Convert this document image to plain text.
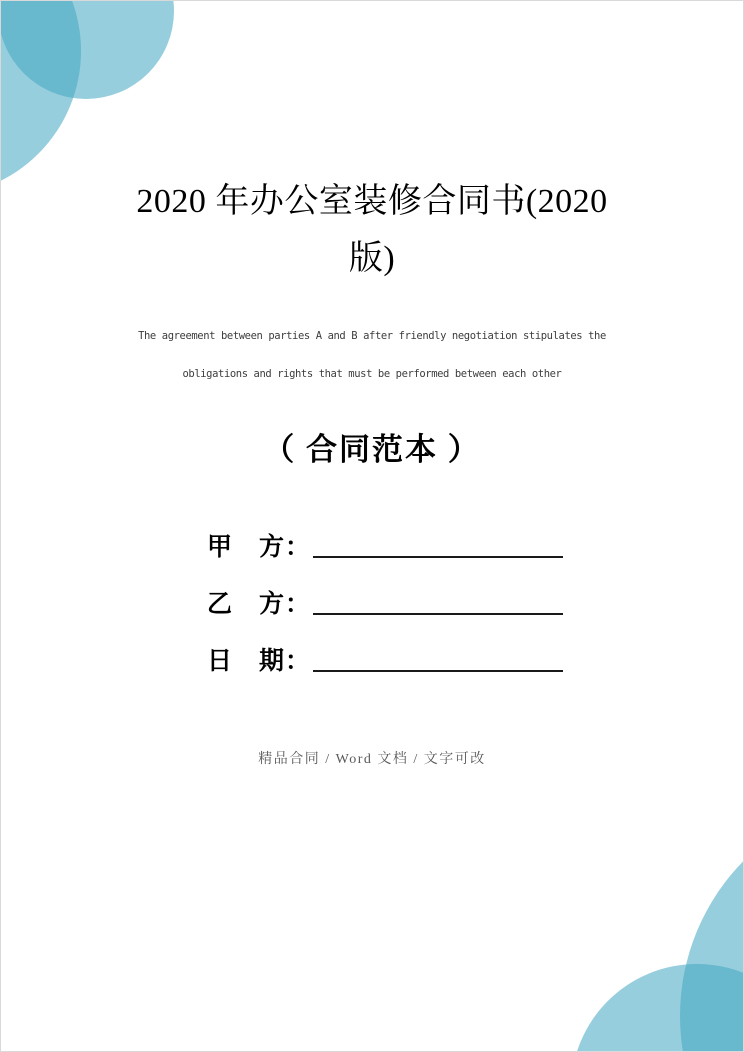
2020 年办公室装修合同书(2020
版)

The agreement between parties A and B after friendly negotiation stipulates the

obligations and rights that must be performed between each other

（ 合同范本 ）
甲　方：
乙　方：
日　期：
精品合同 / Word 文档 / 文字可改
